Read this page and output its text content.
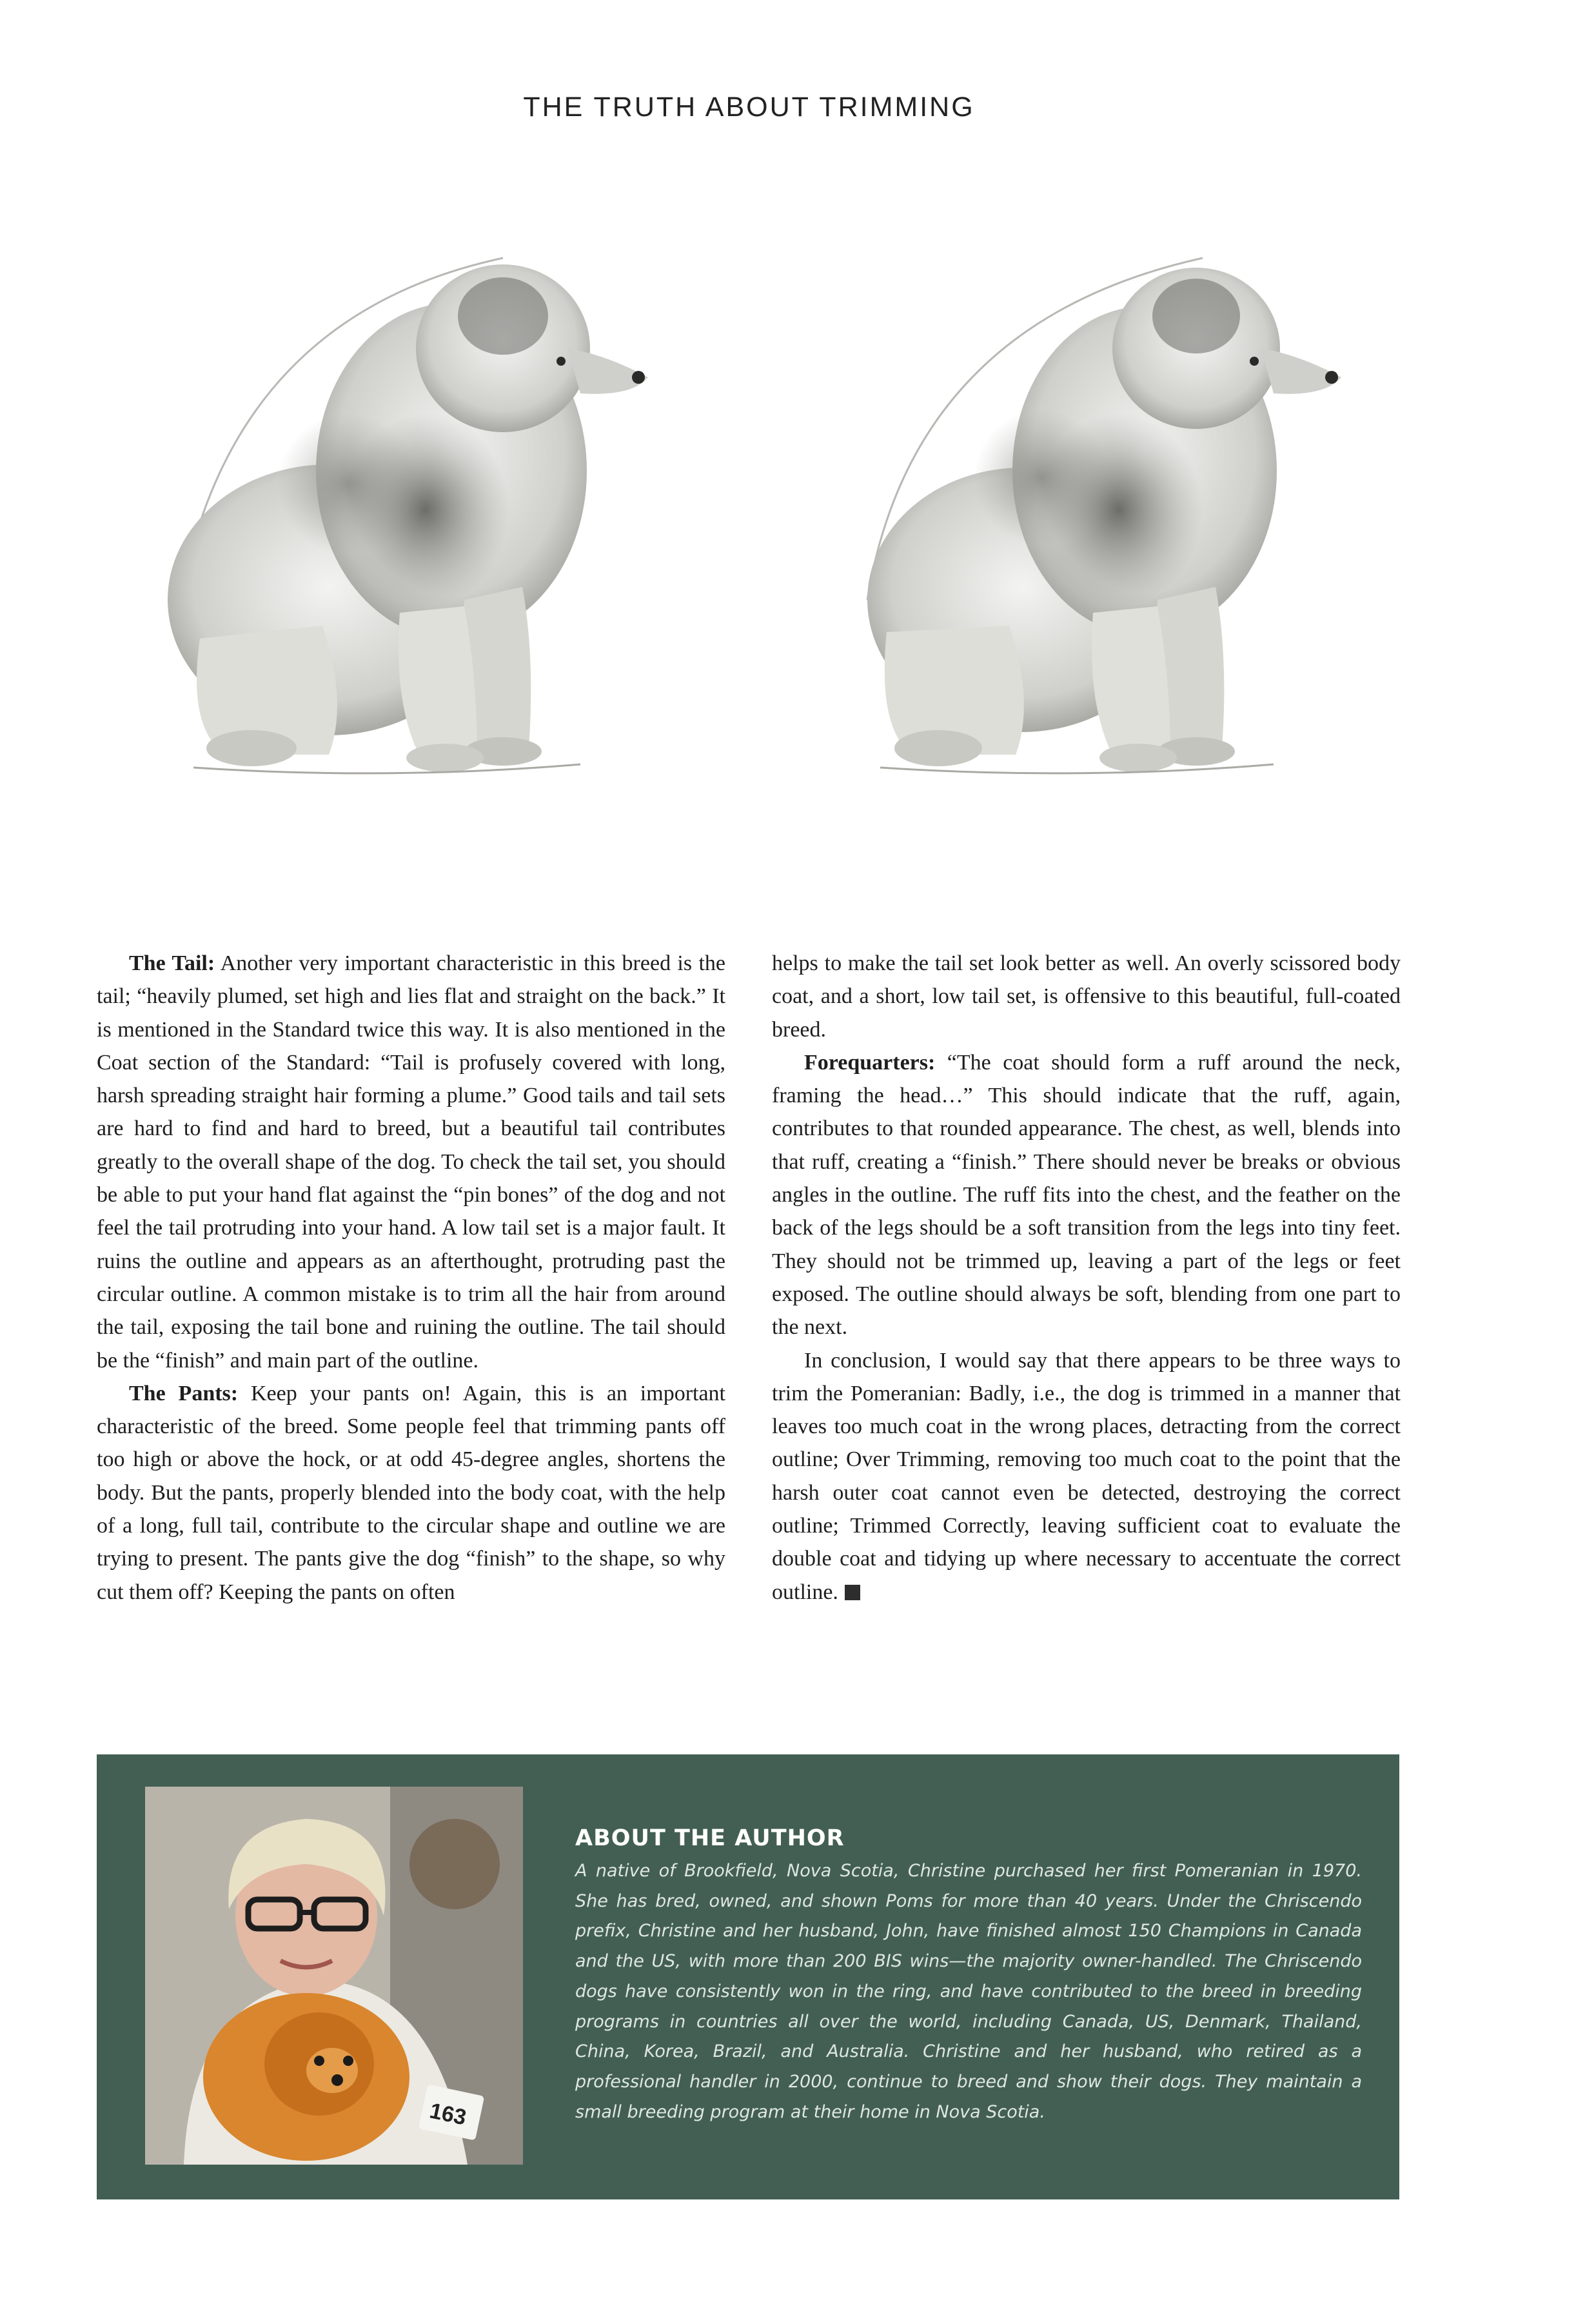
THE TRUTH ABOUT TRIMMING

The Tail: Another very important characteristic in this breed is the tail; “heavily plumed, set high and lies flat and straight on the back.” It is mentioned in the Standard twice this way. It is also mentioned in the Coat section of the Standard: “Tail is profusely covered with long, harsh spreading straight hair forming a plume.” Good tails and tail sets are hard to find and hard to breed, but a beautiful tail contributes greatly to the overall shape of the dog. To check the tail set, you should be able to put your hand flat against the “pin bones” of the dog and not feel the tail protruding into your hand. A low tail set is a major fault. It ruins the outline and appears as an afterthought, protruding past the circular outline. A common mistake is to trim all the hair from around the tail, exposing the tail bone and ruining the outline. The tail should be the “finish” and main part of the outline.

The Pants: Keep your pants on! Again, this is an important characteristic of the breed. Some people feel that trimming pants off too high or above the hock, or at odd 45-degree angles, shortens the body. But the pants, properly blended into the body coat, with the help of a long, full tail, contribute to the circular shape and outline we are trying to present. The pants give the dog “finish” to the shape, so why cut them off? Keeping the pants on often

helps to make the tail set look better as well. An overly scissored body coat, and a short, low tail set, is offensive to this beautiful, full-coated breed.

Forequarters: “The coat should form a ruff around the neck, framing the head…” This should indicate that the ruff, again, contributes to that rounded appearance. The chest, as well, blends into that ruff, creating a “finish.” There should never be breaks or obvious angles in the outline. The ruff fits into the chest, and the feather on the back of the legs should be a soft transition from the legs into tiny feet. They should not be trimmed up, leaving a part of the legs or feet exposed. The outline should always be soft, blending from one part to the next.

In conclusion, I would say that there appears to be three ways to trim the Pomeranian: Badly, i.e., the dog is trimmed in a manner that leaves too much coat in the wrong places, detracting from the correct outline; Over Trimming, removing too much coat to the point that the harsh outer coat cannot even be detected, destroying the correct outline; Trimmed Correctly, leaving sufficient coat to evaluate the double coat and tidying up where necessary to accentuate the correct outline.

163
ABOUT THE AUTHOR

A native of Brookfield, Nova Scotia, Christine purchased her first Pomeranian in 1970. She has bred, owned, and shown Poms for more than 40 years. Under the Chriscendo prefix, Christine and her husband, John, have finished almost 150 Champions in Canada and the US, with more than 200 BIS wins—the majority owner-handled. The Chriscendo dogs have consistently won in the ring, and have contributed to the breed in breeding programs in countries all over the world, including Canada, US, Denmark, Thailand, China, Korea, Brazil, and Australia. Christine and her husband, who retired as a professional handler in 2000, continue to breed and show their dogs. They maintain a small breeding program at their home in Nova Scotia.
